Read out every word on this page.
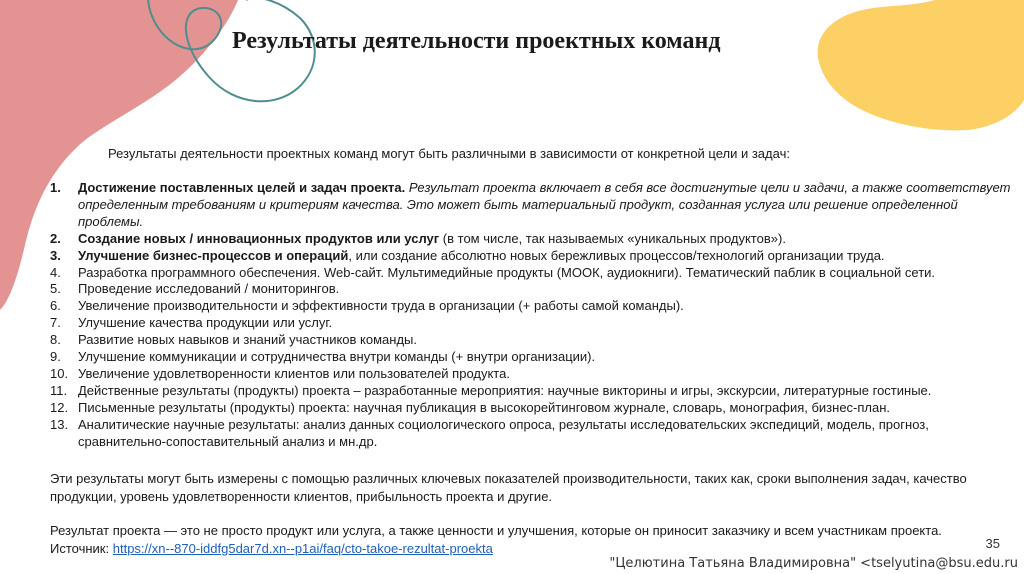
Результаты деятельности проектных команд
Результаты деятельности проектных команд могут быть различными в зависимости от конкретной цели и задач:
1. Достижение поставленных целей и задач проекта. Результат проекта включает в себя все достигнутые цели и задачи, а также соответствует определенным требованиям и критериям качества. Это может быть материальный продукт, созданная услуга или решение определенной проблемы.
2. Создание новых / инновационных продуктов или услуг (в том числе, так называемых «уникальных продуктов»).
3. Улучшение бизнес-процессов и операций, или создание абсолютно новых бережливых процессов/технологий организации труда.
4. Разработка программного обеспечения. Web-сайт. Мультимедийные продукты (МООК, аудиокниги). Тематический паблик в социальной сети.
5. Проведение исследований / мониторингов.
6. Увеличение производительности и эффективности труда в организации (+ работы самой команды).
7. Улучшение качества продукции или услуг.
8. Развитие новых навыков и знаний участников команды.
9. Улучшение коммуникации и сотрудничества внутри команды (+ внутри организации).
10. Увеличение удовлетворенности клиентов или пользователей продукта.
11. Действенные результаты (продукты) проекта – разработанные мероприятия: научные викторины и игры, экскурсии, литературные гостиные.
12. Письменные результаты (продукты) проекта: научная публикация в высокорейтинговом журнале, словарь, монография, бизнес-план.
13. Аналитические научные результаты: анализ данных социологического опроса, результаты исследовательских экспедиций, модель, прогноз, сравнительно-сопоставительный анализ и мн.др.
Эти результаты могут быть измерены с помощью различных ключевых показателей производительности, таких как, сроки выполнения задач, качество продукции, уровень удовлетворенности клиентов, прибыльность проекта и другие.
Результат проекта — это не просто продукт или услуга, а также ценности и улучшения, которые он приносит заказчику и всем участникам проекта.
Источник: https://xn--870-iddfg5dar7d.xn--p1ai/faq/cto-takoe-rezultat-proekta	35
"Целютина Татьяна Владимировна" <tselyutina@bsu.edu.ru
